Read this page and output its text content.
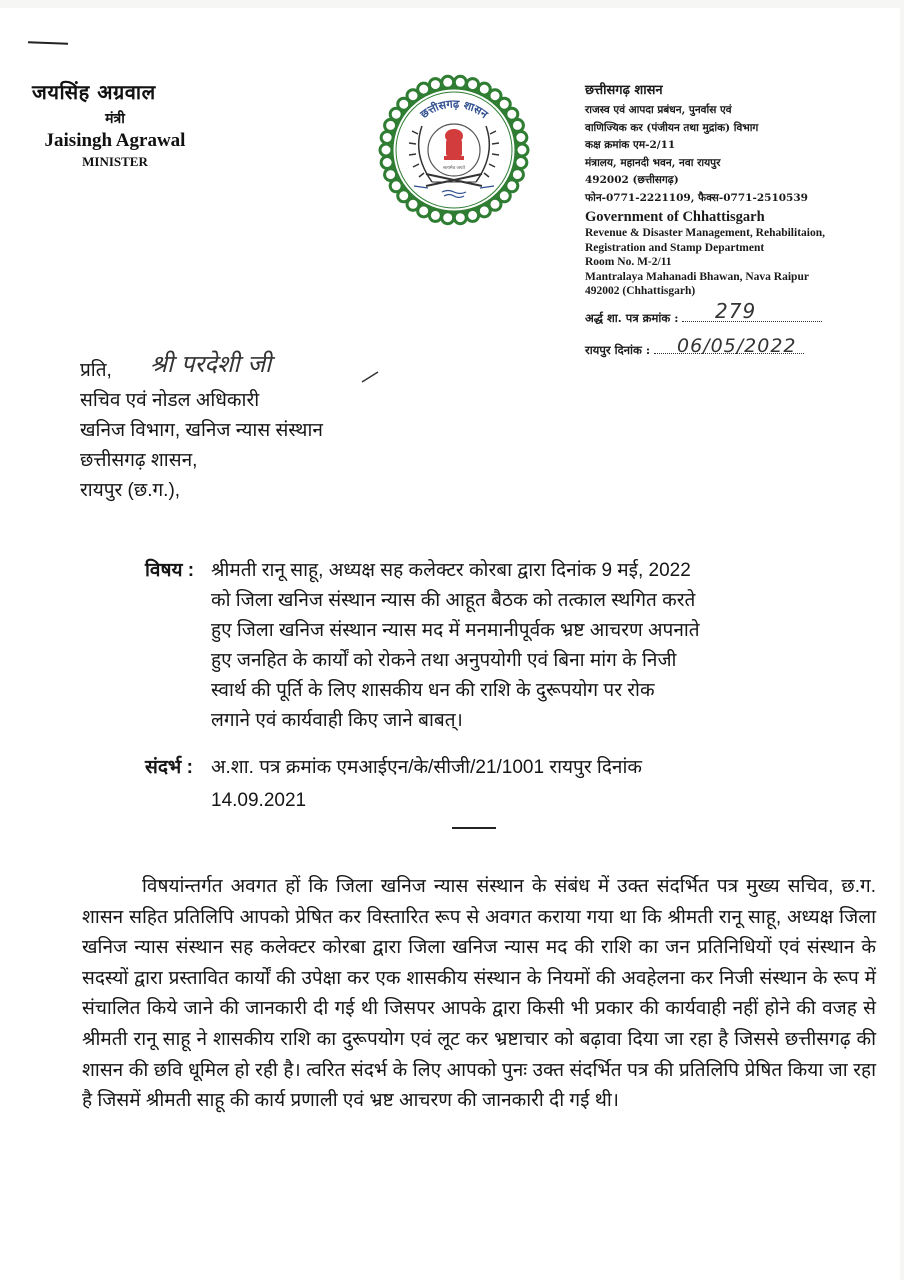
जयसिंह अग्रवाल
मंत्री
Jaisingh Agrawal
MINISTER
छत्तीसगढ़ शासन
सत्यमेव जयते
छत्तीसगढ़ शासन
राजस्व एवं आपदा प्रबंधन, पुनर्वास एवं
वाणिज्यिक कर (पंजीयन तथा मुद्रांक) विभाग
कक्ष क्रमांक एम-2/11
मंत्रालय, महानदी भवन, नवा रायपुर
492002 (छत्तीसगढ़)
फोन-0771-2221109, फैक्स-0771-2510539
Government of Chhattisgarh
Revenue & Disaster Management, Rehabilitaion,
Registration and Stamp Department
Room No. M-2/11
Mantralaya Mahanadi Bhawan, Nava Raipur
492002 (Chhattisgarh)
अर्द्ध शा. पत्र क्रमांक : 279
रायपुर दिनांक : 06/05/2022
प्रति, श्री परदेशी जी
सचिव एवं नोडल अधिकारी
खनिज विभाग, खनिज न्यास संस्थान
छत्तीसगढ़ शासन,
रायपुर (छ.ग.),
विषय : श्रीमती रानू साहू, अध्यक्ष सह कलेक्टर कोरबा द्वारा दिनांक 9 मई, 2022
को जिला खनिज संस्थान न्यास की आहूत बैठक को तत्काल स्थगित करते
हुए जिला खनिज संस्थान न्यास मद में मनमानीपूर्वक भ्रष्ट आचरण अपनाते
हुए जनहित के कार्यों को रोकने तथा अनुपयोगी एवं बिना मांग के निजी
स्वार्थ की पूर्ति के लिए शासकीय धन की राशि के दुरूपयोग पर रोक
लगाने एवं कार्यवाही किए जाने बाबत्।
संदर्भ : अ.शा. पत्र क्रमांक एमआईएन/के/सीजी/21/1001 रायपुर दिनांक
14.09.2021

विषयांन्तर्गत अवगत हों कि जिला खनिज न्यास संस्थान के संबंध में उक्त संदर्भित पत्र मुख्य सचिव, छ.ग. शासन सहित प्रतिलिपि आपको प्रेषित कर विस्तारित रूप से अवगत कराया गया था कि श्रीमती रानू साहू, अध्यक्ष जिला खनिज न्यास संस्थान सह कलेक्टर कोरबा द्वारा जिला खनिज न्यास मद की राशि का जन प्रतिनिधियों एवं संस्थान के सदस्यों द्वारा प्रस्तावित कार्यों की उपेक्षा कर एक शासकीय संस्थान के नियमों की अवहेलना कर निजी संस्थान के रूप में संचालित किये जाने की जानकारी दी गई थी जिसपर आपके द्वारा किसी भी प्रकार की कार्यवाही नहीं होने की वजह से श्रीमती रानू साहू ने शासकीय राशि का दुरूपयोग एवं लूट कर भ्रष्टाचार को बढ़ावा दिया जा रहा है जिससे छत्तीसगढ़ की शासन की छवि धूमिल हो रही है। त्वरित संदर्भ के लिए आपको पुनः उक्त संदर्भित पत्र की प्रतिलिपि प्रेषित किया जा रहा है जिसमें श्रीमती साहू की कार्य प्रणाली एवं भ्रष्ट आचरण की जानकारी दी गई थी।
